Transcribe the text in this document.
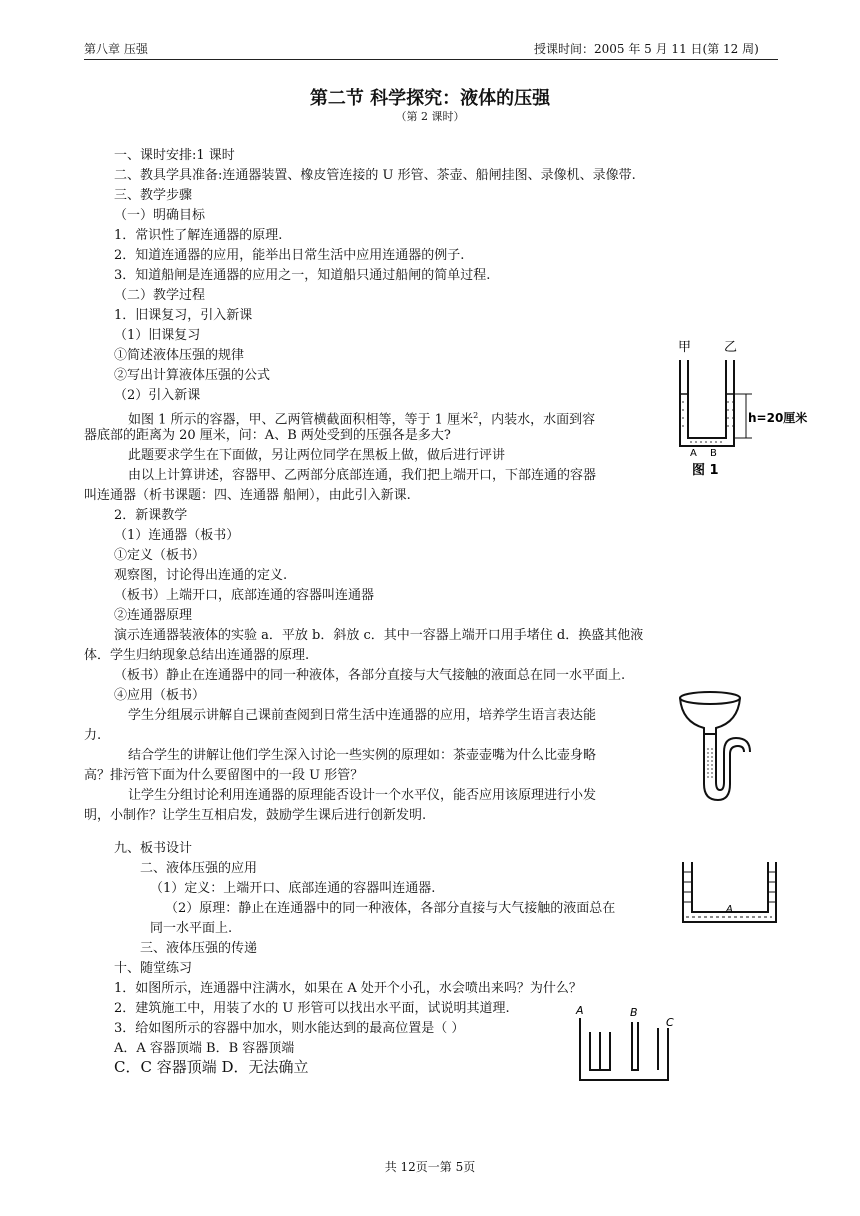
第八章 压强	授课时间：2005 年 5 月 11 日(第 12 周)
第二节 科学探究：液体的压强
（第 2 课时）
一、课时安排:1 课时
二、教具学具准备:连通器装置、橡皮管连接的 U 形管、茶壶、船闸挂图、录像机、录像带.
三、教学步骤
（一）明确目标
1．常识性了解连通器的原理.
2．知道连通器的应用，能举出日常生活中应用连通器的例子.
3．知道船闸是连通器的应用之一，知道船只通过船闸的简单过程.
（二）教学过程
1．旧课复习，引入新课
（1）旧课复习
①简述液体压强的规律
②写出计算液体压强的公式
（2）引入新课
如图 1 所示的容器，甲、乙两管横截面积相等，等于 1 厘米$^2$，内装水，水面到容
器底部的距离为 20 厘米，问：A、B 两处受到的压强各是多大?
此题要求学生在下面做，另让两位同学在黑板上做，做后进行评讲
由以上计算讲述，容器甲、乙两部分底部连通，我们把上端开口，下部连通的容器
叫连通器（析书课题：四、连通器 船闸），由此引入新课.
2．新课教学
（1）连通器（板书）
①定义（板书）
观察图，讨论得出连通的定义.
（板书）上端开口，底部连通的容器叫连通器
②连通器原理
演示连通器装液体的实验 a．平放 b．斜放 c．其中一容器上端开口用手堵住 d．换盛其他液
体．学生归纳现象总结出连通器的原理.
（板书）静止在连通器中的同一种液体，各部分直接与大气接触的液面总在同一水平面上.
④应用（板书）
学生分组展示讲解自己课前查阅到日常生活中连通器的应用，培养学生语言表达能
力.
结合学生的讲解让他们学生深入讨论一些实例的原理如：茶壶壶嘴为什么比壶身略
高？排污管下面为什么要留图中的一段 U 形管？
让学生分组讨论利用连通器的原理能否设计一个水平仪，能否应用该原理进行小发
明，小制作？让学生互相启发，鼓励学生课后进行创新发明.
九、板书设计
二、液体压强的应用
（1）定义：上端开口、底部连通的容器叫连通器.
（2）原理：静止在连通器中的同一种液体，各部分直接与大气接触的液面总在
同一水平面上.
三、液体压强的传递
十、随堂练习
1．如图所示，连通器中注满水，如果在 A 处开个小孔，水会喷出来吗？为什么？
2．建筑施工中，用装了水的 U 形管可以找出水平面，试说明其道理.
3．给如图所示的容器中加水，则水能达到的最高位置是（ ）
A．A 容器顶端 B．B 容器顶端
C．C 容器顶端 D．无法确立
甲	乙
h=20厘米
A B
图 1
A
A	B
C
共 12页一第 5页
